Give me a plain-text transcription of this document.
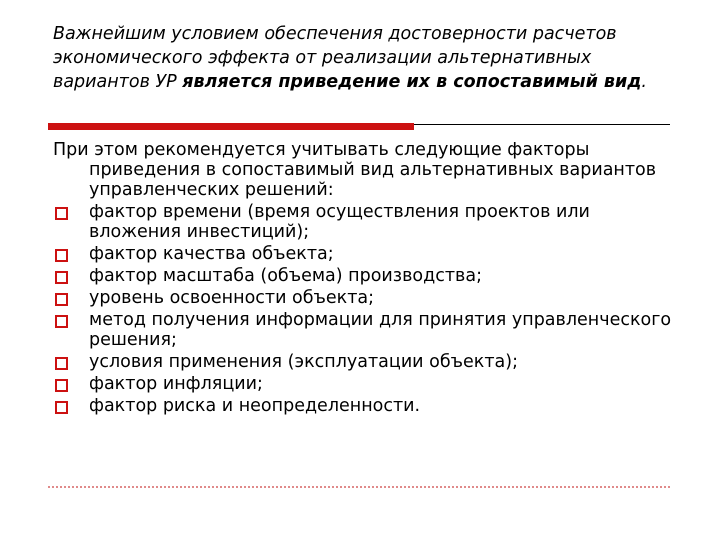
Важнейшим условием обеспечения достоверности расчетов экономического эффекта от реализации альтернативных вариантов УР является приведение их в сопоставимый вид.

При этом рекомендуется учитывать следующие факторы приведения в сопоставимый вид альтернативных вариантов управленческих решений:

фактор времени (время осуществления проектов или вложения инвестиций);
фактор качества объекта;
фактор масштаба (объема) производства;
уровень освоенности объекта;
метод получения информации для принятия управленческого решения;
условия применения (эксплуатации объекта);
фактор инфляции;
фактор риска и неопределенности.
